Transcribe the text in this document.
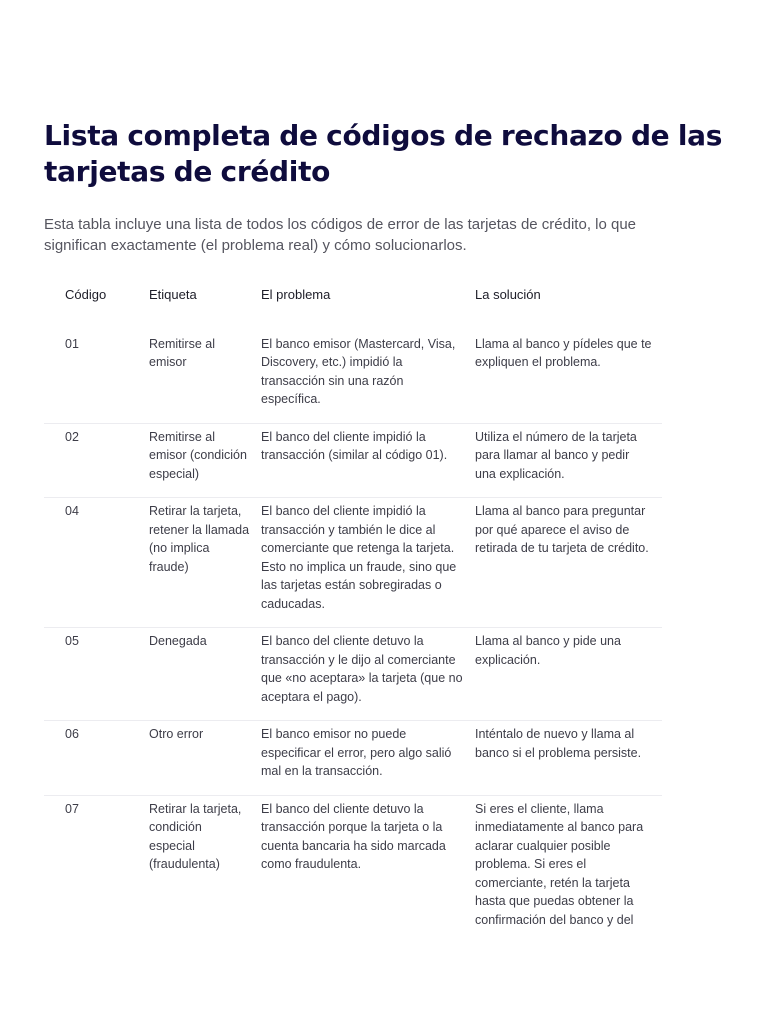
Lista completa de códigos de rechazo de las
tarjetas de crédito

Esta tabla incluye una lista de todos los códigos de error de las tarjetas de crédito, lo que significan exactamente (el problema real) y cómo solucionarlos.

Código	Etiqueta	El problema	La solución
01	Remitirse al emisor	El banco emisor (Mastercard, Visa, Discovery, etc.) impidió la transacción sin una razón específica.	Llama al banco y pídeles que te expliquen el problema.
02	Remitirse al emisor (condición especial)	El banco del cliente impidió la transacción (similar al código 01).	Utiliza el número de la tarjeta para llamar al banco y pedir una explicación.
04	Retirar la tarjeta, retener la llamada (no implica fraude)	El banco del cliente impidió la transacción y también le dice al comerciante que retenga la tarjeta. Esto no implica un fraude, sino que las tarjetas están sobregiradas o caducadas.	Llama al banco para preguntar por qué aparece el aviso de retirada de tu tarjeta de crédito.
05	Denegada	El banco del cliente detuvo la transacción y le dijo al comerciante que «no aceptara» la tarjeta (que no aceptara el pago).	Llama al banco y pide una explicación.
06	Otro error	El banco emisor no puede especificar el error, pero algo salió mal en la transacción.	Inténtalo de nuevo y llama al banco si el problema persiste.
07	Retirar la tarjeta, condición especial (fraudulenta)	El banco del cliente detuvo la transacción porque la tarjeta o la cuenta bancaria ha sido marcada como fraudulenta.	Si eres el cliente, llama inmediatamente al banco para aclarar cualquier posible problema. Si eres el comerciante, retén la tarjeta hasta que puedas obtener la confirmación del banco y del
